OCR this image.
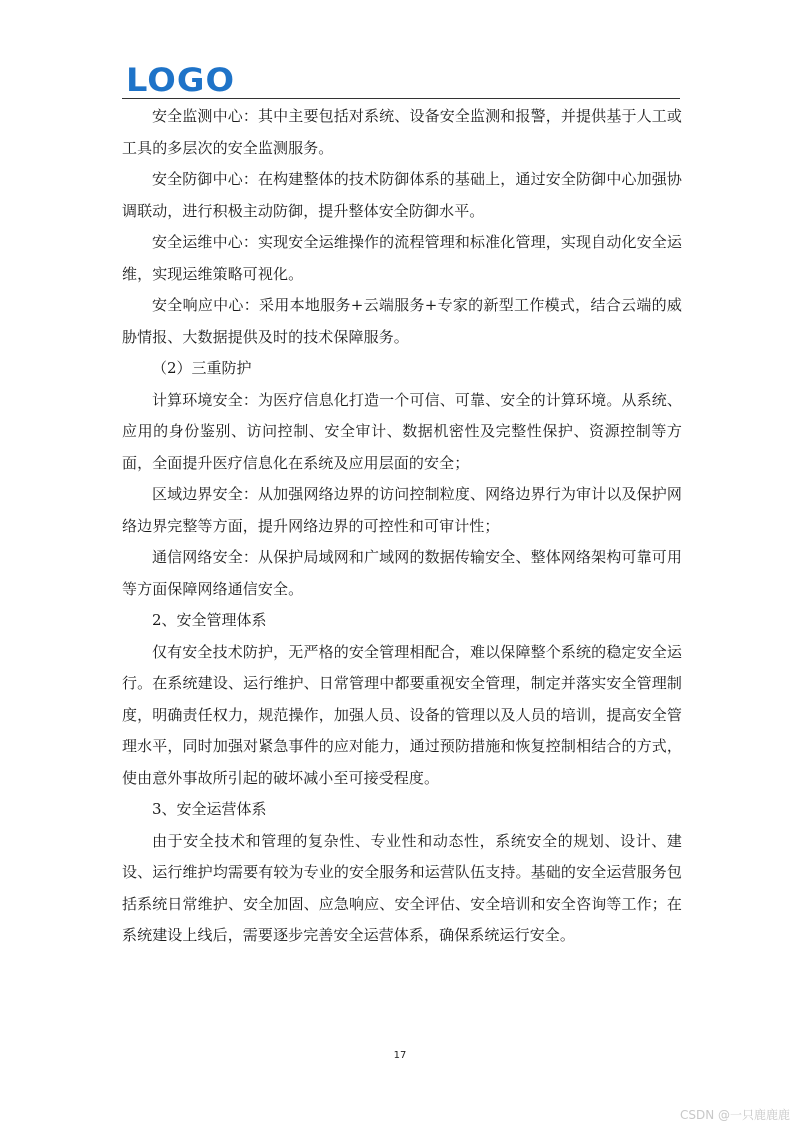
LOGO

安全监测中心：其中主要包括对系统、设备安全监测和报警，并提供基于人工或工具的多层次的安全监测服务。

安全防御中心：在构建整体的技术防御体系的基础上，通过安全防御中心加强协调联动，进行积极主动防御，提升整体安全防御水平。

安全运维中心：实现安全运维操作的流程管理和标准化管理，实现自动化安全运维，实现运维策略可视化。

安全响应中心：采用本地服务+云端服务+专家的新型工作模式，结合云端的威胁情报、大数据提供及时的技术保障服务。

（2）三重防护

计算环境安全：为医疗信息化打造一个可信、可靠、安全的计算环境。从系统、应用的身份鉴别、访问控制、安全审计、数据机密性及完整性保护、资源控制等方面，全面提升医疗信息化在系统及应用层面的安全；

区域边界安全：从加强网络边界的访问控制粒度、网络边界行为审计以及保护网络边界完整等方面，提升网络边界的可控性和可审计性；

通信网络安全：从保护局域网和广域网的数据传输安全、整体网络架构可靠可用等方面保障网络通信安全。

2、安全管理体系

仅有安全技术防护，无严格的安全管理相配合，难以保障整个系统的稳定安全运行。在系统建设、运行维护、日常管理中都要重视安全管理，制定并落实安全管理制度，明确责任权力，规范操作，加强人员、设备的管理以及人员的培训，提高安全管理水平，同时加强对紧急事件的应对能力，通过预防措施和恢复控制相结合的方式，使由意外事故所引起的破坏减小至可接受程度。

3、安全运营体系

由于安全技术和管理的复杂性、专业性和动态性，系统安全的规划、设计、建设、运行维护均需要有较为专业的安全服务和运营队伍支持。基础的安全运营服务包括系统日常维护、安全加固、应急响应、安全评估、安全培训和安全咨询等工作；在系统建设上线后，需要逐步完善安全运营体系，确保系统运行安全。

17
CSDN @一只鹿鹿鹿
